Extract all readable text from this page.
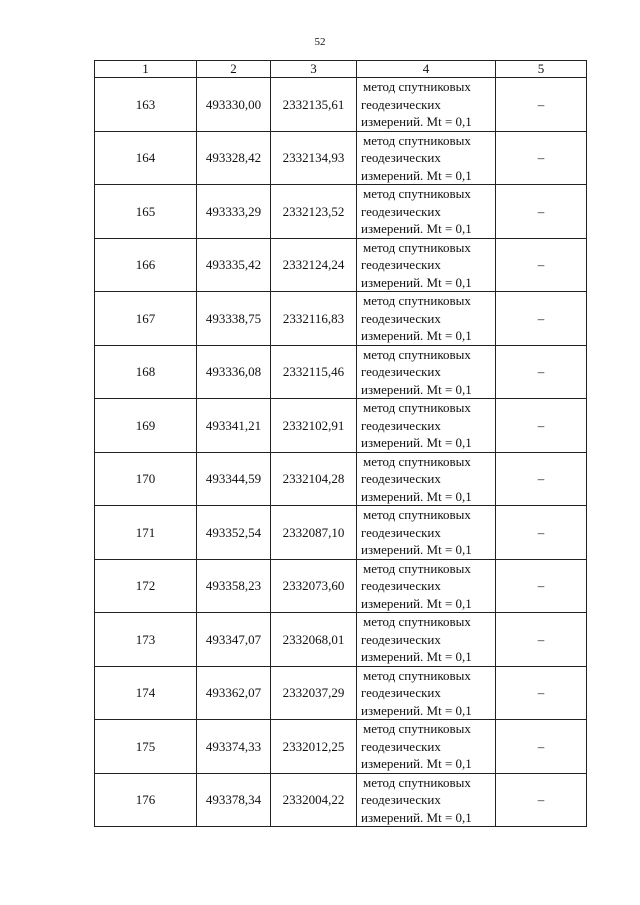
52
1	2	3	4	5
163	493330,00	2332135,61	метод спутниковых
геодезических
измерений. Mt = 0,1	–
164	493328,42	2332134,93	метод спутниковых
геодезических
измерений. Mt = 0,1	–
165	493333,29	2332123,52	метод спутниковых
геодезических
измерений. Mt = 0,1	–
166	493335,42	2332124,24	метод спутниковых
геодезических
измерений. Mt = 0,1	–
167	493338,75	2332116,83	метод спутниковых
геодезических
измерений. Mt = 0,1	–
168	493336,08	2332115,46	метод спутниковых
геодезических
измерений. Mt = 0,1	–
169	493341,21	2332102,91	метод спутниковых
геодезических
измерений. Mt = 0,1	–
170	493344,59	2332104,28	метод спутниковых
геодезических
измерений. Mt = 0,1	–
171	493352,54	2332087,10	метод спутниковых
геодезических
измерений. Mt = 0,1	–
172	493358,23	2332073,60	метод спутниковых
геодезических
измерений. Mt = 0,1	–
173	493347,07	2332068,01	метод спутниковых
геодезических
измерений. Mt = 0,1	–
174	493362,07	2332037,29	метод спутниковых
геодезических
измерений. Mt = 0,1	–
175	493374,33	2332012,25	метод спутниковых
геодезических
измерений. Mt = 0,1	–
176	493378,34	2332004,22	метод спутниковых
геодезических
измерений. Mt = 0,1	–
